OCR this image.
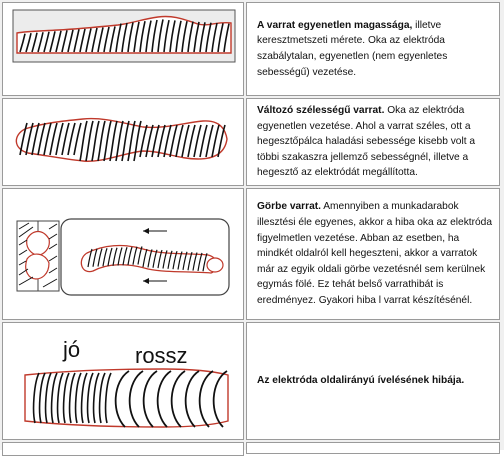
A varrat egyenetlen magassága, illetve keresztmetszeti mérete. Oka az elektróda szabálytalan, egyenetlen (nem egyenletes sebességű) vezetése.

Változó szélességű varrat. Oka az elektróda egyenetlen vezetése. Ahol a varrat széles, ott a hegesztőpálca haladási sebessége kisebb volt a többi szakaszra jellemző sebességnél, illetve a hegesztő az elektródát megállította.

Görbe varrat. Amennyiben a munkadarabok illesztési éle egyenes, akkor a hiba oka az elektróda figyelmetlen vezetése. Abban az esetben, ha mindkét oldalról kell hegeszteni, akkor a varratok már az egyik oldali görbe vezetésnél sem kerülnek egymás fölé. Ez tehát belső varrathibát is eredményez. Gyakori hiba l varrat készítésénél.

jó rossz

Az elektróda oldalirányú ívelésének hibája.
